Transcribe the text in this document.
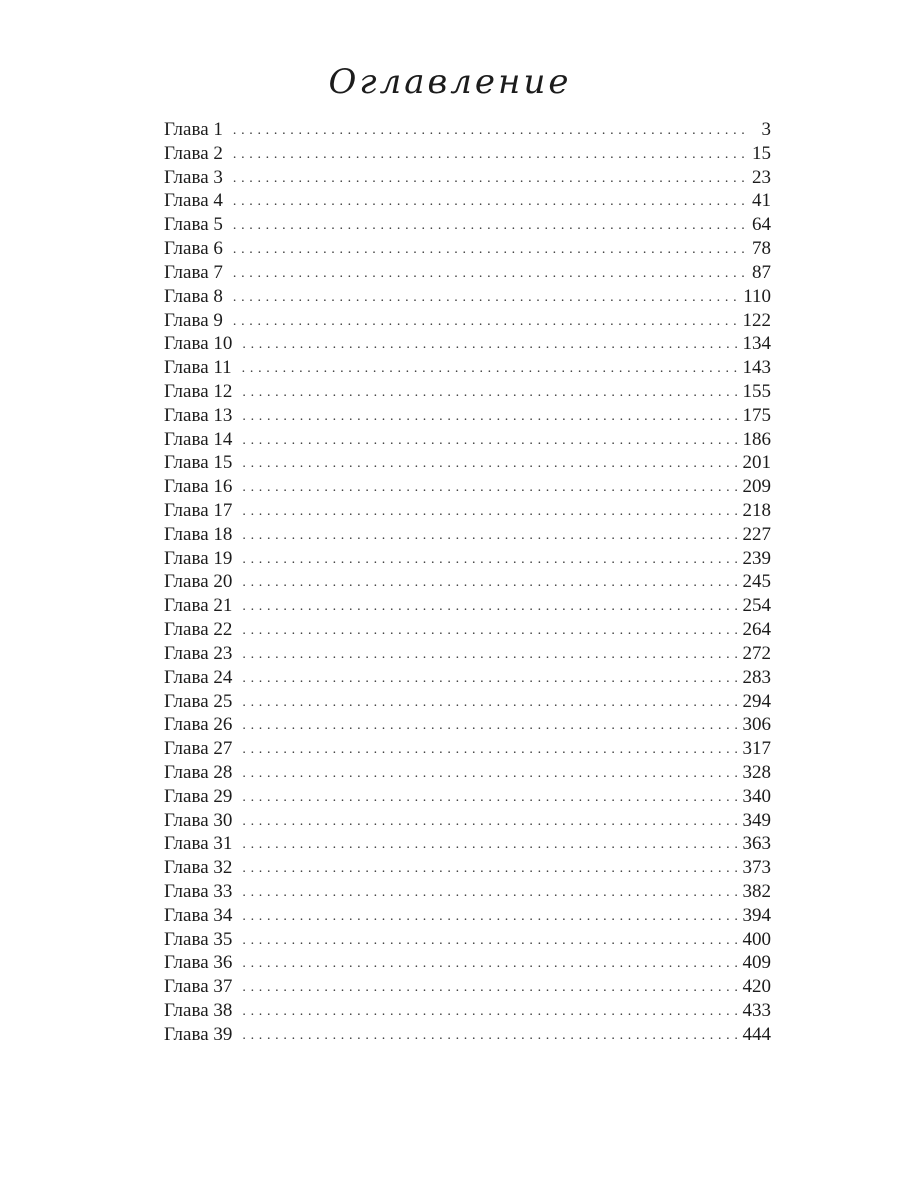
Оглавление
Глава 1 . . .	3
Глава 2 . . .	15
Глава 3 . . .	23
Глава 4 . . .	41
Глава 5 . . .	64
Глава 6 . . .	78
Глава 7 . . .	87
Глава 8 . . .	110
Глава 9 . . .	122
Глава 10 . . .	134
Глава 11 . . .	143
Глава 12 . . .	155
Глава 13 . . .	175
Глава 14 . . .	186
Глава 15 . . .	201
Глава 16 . . .	209
Глава 17 . . .	218
Глава 18 . . .	227
Глава 19 . . .	239
Глава 20 . . .	245
Глава 21 . . .	254
Глава 22 . . .	264
Глава 23 . . .	272
Глава 24 . . .	283
Глава 25 . . .	294
Глава 26 . . .	306
Глава 27 . . .	317
Глава 28 . . .	328
Глава 29 . . .	340
Глава 30 . . .	349
Глава 31 . . .	363
Глава 32 . . .	373
Глава 33 . . .	382
Глава 34 . . .	394
Глава 35 . . .	400
Глава 36 . . .	409
Глава 37 . . .	420
Глава 38 . . .	433
Глава 39 . . .	444
